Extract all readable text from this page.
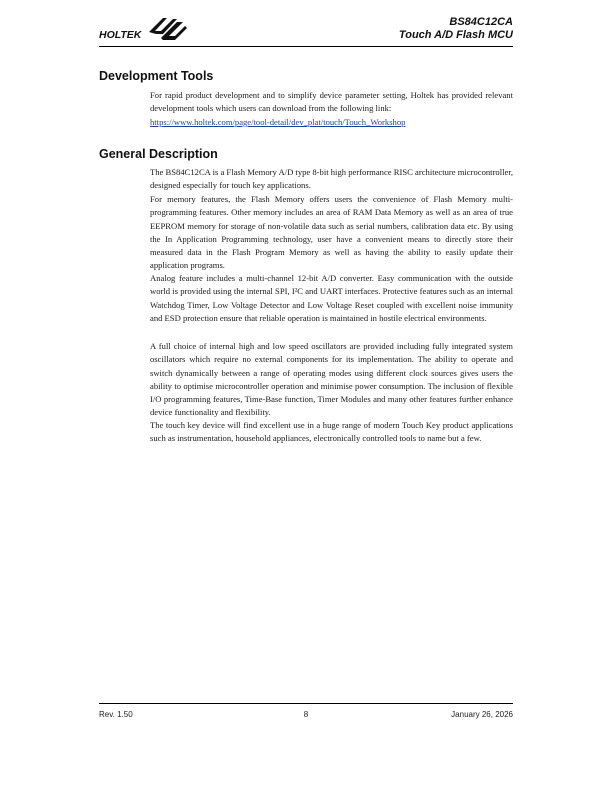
HOLTEK
BS84C12CA
Touch A/D Flash MCU
Development Tools

For rapid product development and to simplify device parameter setting, Holtek has provided relevant development tools which users can download from the following link:

https://www.holtek.com/page/tool-detail/dev_plat/touch/Touch_Workshop
General Description

The BS84C12CA is a Flash Memory A/D type 8-bit high performance RISC architecture microcontroller, designed especially for touch key applications.

For memory features, the Flash Memory offers users the convenience of Flash Memory multi-programming features. Other memory includes an area of RAM Data Memory as well as an area of true EEPROM memory for storage of non-volatile data such as serial numbers, calibration data etc. By using the In Application Programming technology, user have a convenient means to directly store their measured data in the Flash Program Memory as well as having the ability to easily update their application programs.

Analog feature includes a multi-channel 12-bit A/D converter. Easy communication with the outside world is provided using the internal SPI, I²C and UART interfaces. Protective features such as an internal Watchdog Timer, Low Voltage Detector and Low Voltage Reset coupled with excellent noise immunity and ESD protection ensure that reliable operation is maintained in hostile electrical environments.

A full choice of internal high and low speed oscillators are provided including fully integrated system oscillators which require no external components for its implementation. The ability to operate and switch dynamically between a range of operating modes using different clock sources gives users the ability to optimise microcontroller operation and minimise power consumption. The inclusion of flexible I/O programming features, Time-Base function, Timer Modules and many other features further enhance device functionality and flexibility.

The touch key device will find excellent use in a huge range of modern Touch Key product applications such as instrumentation, household appliances, electronically controlled tools to name but a few.

Rev. 1.50	8	January 26, 2026
